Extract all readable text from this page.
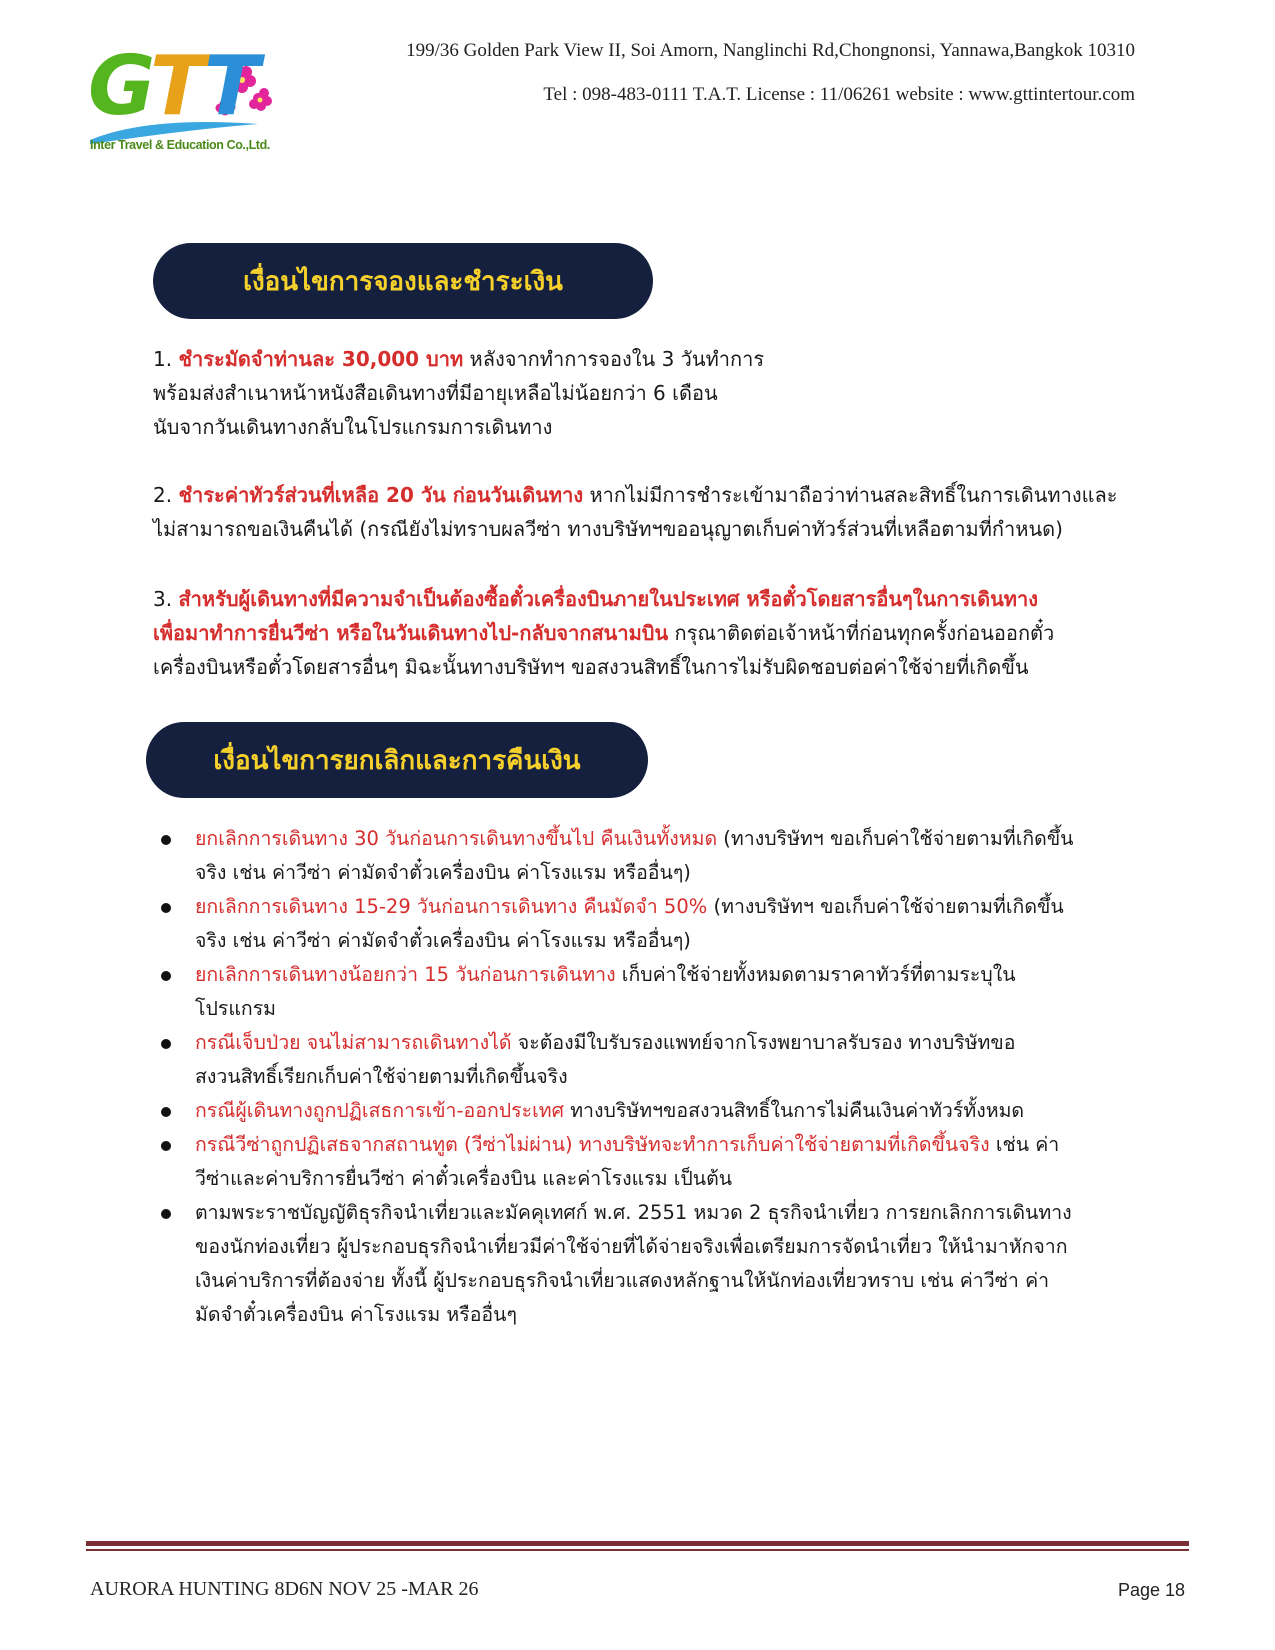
GTT
Inter Travel & Education Co.,Ltd.
199/36 Golden Park View II, Soi Amorn, Nanglinchi Rd,Chongnonsi, Yannawa,Bangkok 10310
Tel : 098-483-0111 T.A.T. License : 11/06261 website : www.gttintertour.com
เงื่อนไขการจองและชำระเงิน
1. ชำระมัดจำท่านละ 30,000 บาท หลังจากทำการจองใน 3 วันทำการ
พร้อมส่งสำเนาหน้าหนังสือเดินทางที่มีอายุเหลือไม่น้อยกว่า 6 เดือน
นับจากวันเดินทางกลับในโปรแกรมการเดินทาง
2. ชำระค่าทัวร์ส่วนที่เหลือ 20 วัน ก่อนวันเดินทาง หากไม่มีการชำระเข้ามาถือว่าท่านสละสิทธิ์ในการเดินทางและ
ไม่สามารถขอเงินคืนได้ (กรณียังไม่ทราบผลวีซ่า ทางบริษัทฯขออนุญาตเก็บค่าทัวร์ส่วนที่เหลือตามที่กำหนด)
3. สำหรับผู้เดินทางที่มีความจำเป็นต้องซื้อตั๋วเครื่องบินภายในประเทศ หรือตั๋วโดยสารอื่นๆในการเดินทาง
เพื่อมาทำการยื่นวีซ่า หรือในวันเดินทางไป-กลับจากสนามบิน กรุณาติดต่อเจ้าหน้าที่ก่อนทุกครั้งก่อนออกตั๋ว
เครื่องบินหรือตั๋วโดยสารอื่นๆ มิฉะนั้นทางบริษัทฯ ขอสงวนสิทธิ์ในการไม่รับผิดชอบต่อค่าใช้จ่ายที่เกิดขึ้น
เงื่อนไขการยกเลิกและการคืนเงิน
ยกเลิกการเดินทาง 30 วันก่อนการเดินทางขึ้นไป คืนเงินทั้งหมด (ทางบริษัทฯ ขอเก็บค่าใช้จ่ายตามที่เกิดขึ้น
จริง เช่น ค่าวีซ่า ค่ามัดจำตั๋วเครื่องบิน ค่าโรงแรม หรืออื่นๆ)
ยกเลิกการเดินทาง 15-29 วันก่อนการเดินทาง คืนมัดจำ 50% (ทางบริษัทฯ ขอเก็บค่าใช้จ่ายตามที่เกิดขึ้น
จริง เช่น ค่าวีซ่า ค่ามัดจำตั๋วเครื่องบิน ค่าโรงแรม หรืออื่นๆ)
ยกเลิกการเดินทางน้อยกว่า 15 วันก่อนการเดินทาง เก็บค่าใช้จ่ายทั้งหมดตามราคาทัวร์ที่ตามระบุใน
โปรแกรม
กรณีเจ็บป่วย จนไม่สามารถเดินทางได้ จะต้องมีใบรับรองแพทย์จากโรงพยาบาลรับรอง ทางบริษัทขอ
สงวนสิทธิ์เรียกเก็บค่าใช้จ่ายตามที่เกิดขึ้นจริง
กรณีผู้เดินทางถูกปฏิเสธการเข้า-ออกประเทศ ทางบริษัทฯขอสงวนสิทธิ์ในการไม่คืนเงินค่าทัวร์ทั้งหมด
กรณีวีซ่าถูกปฏิเสธจากสถานทูต (วีซ่าไม่ผ่าน) ทางบริษัทจะทำการเก็บค่าใช้จ่ายตามที่เกิดขึ้นจริง เช่น ค่า
วีซ่าและค่าบริการยื่นวีซ่า ค่าตั๋วเครื่องบิน และค่าโรงแรม เป็นต้น
ตามพระราชบัญญัติธุรกิจนำเที่ยวและมัคคุเทศก์ พ.ศ. 2551 หมวด 2 ธุรกิจนำเที่ยว การยกเลิกการเดินทาง
ของนักท่องเที่ยว ผู้ประกอบธุรกิจนำเที่ยวมีค่าใช้จ่ายที่ได้จ่ายจริงเพื่อเตรียมการจัดนำเที่ยว ให้นำมาหักจาก
เงินค่าบริการที่ต้องจ่าย ทั้งนี้ ผู้ประกอบธุรกิจนำเที่ยวแสดงหลักฐานให้นักท่องเที่ยวทราบ เช่น ค่าวีซ่า ค่า
มัดจำตั๋วเครื่องบิน ค่าโรงแรม หรืออื่นๆ
AURORA HUNTING 8D6N NOV 25 -MAR 26	Page 18
